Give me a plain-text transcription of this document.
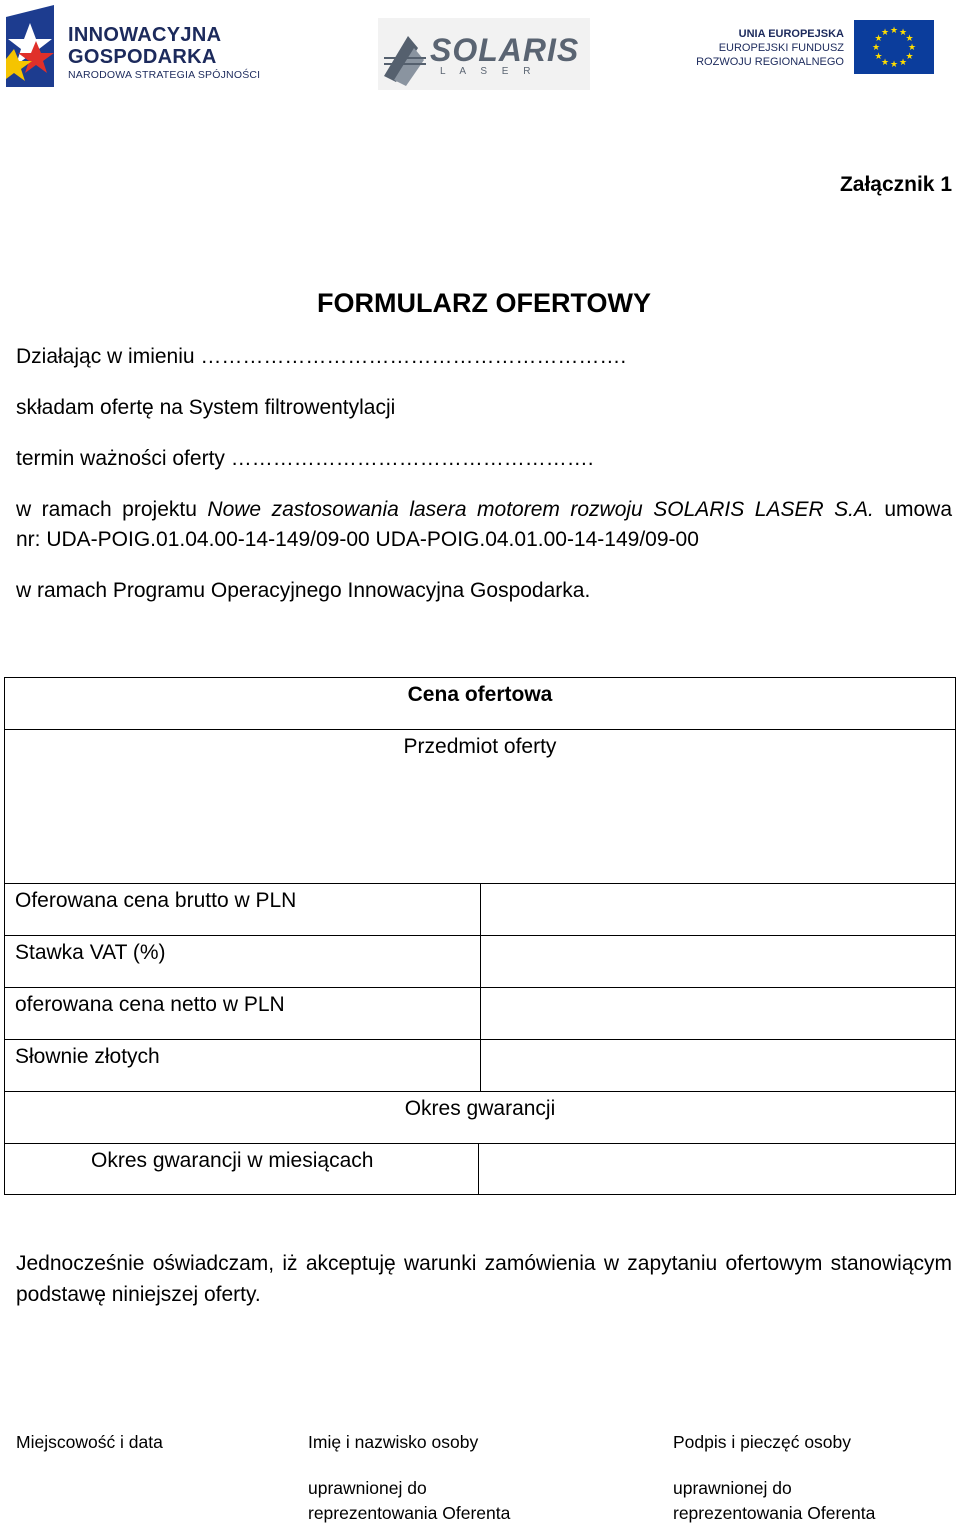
INNOWACYJNA
GOSPODARKA
NARODOWA STRATEGIA SPÓJNOŚCI
SOLARIS
L A S E R
UNIA EUROPEJSKA
EUROPEJSKI FUNDUSZ
ROZWOJU REGIONALNEGO
★ ★
★
★
★
★
★
★
★
★
★
★
Załącznik 1
FORMULARZ OFERTOWY
Działając w imieniu …………………………………………………….
składam ofertę na System filtrowentylacji
termin ważności oferty …………………………………………….
w ramach projektu Nowe zastosowania lasera motorem rozwoju SOLARIS LASER S.A. umowa
nr: UDA-POIG.01.04.00-14-149/09-00 UDA-POIG.04.01.00-14-149/09-00
w ramach Programu Operacyjnego Innowacyjna Gospodarka.
Cena ofertowa
Przedmiot oferty
Oferowana cena brutto w PLN
Stawka VAT (%)
oferowana cena netto w PLN
Słownie złotych
Okres gwarancji
Okres gwarancji w miesiącach
Jednocześnie oświadczam, iż akceptuję warunki zamówienia w zapytaniu ofertowym stanowiącym podstawę niniejszej oferty.
Miejscowość i data	Imię i nazwisko osoby
uprawnionej do
reprezentowania Oferenta
Podpis i pieczęć osoby
uprawnionej do
reprezentowania Oferenta
